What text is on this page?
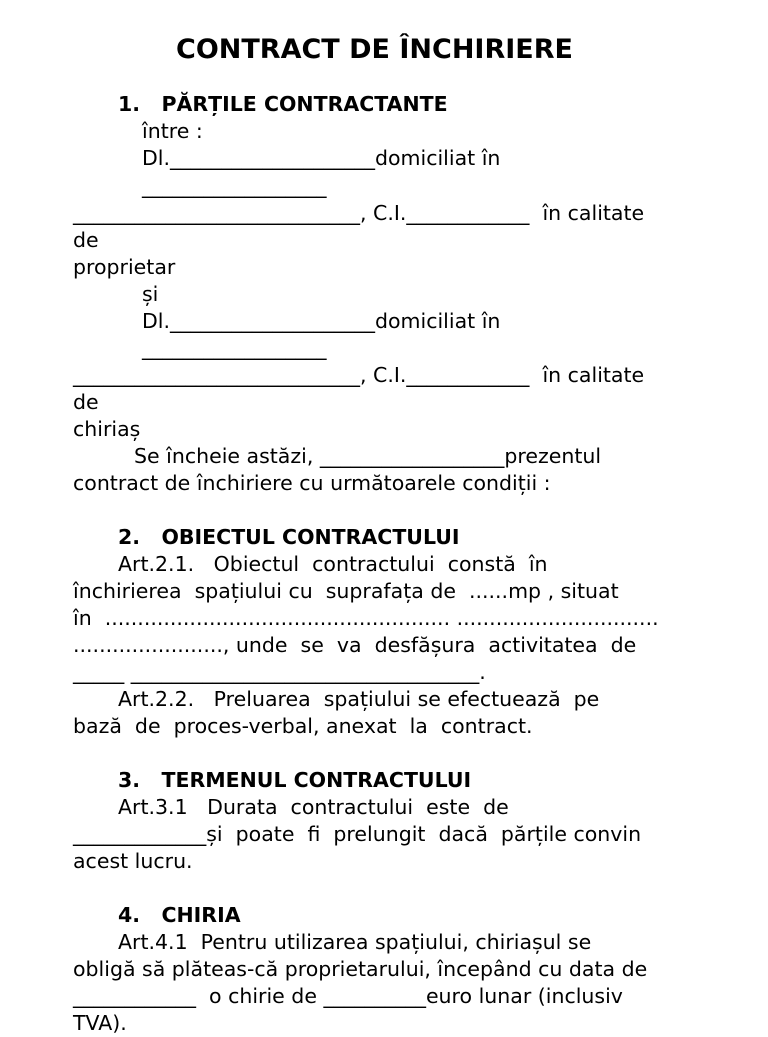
CONTRACT DE ÎNCHIRIERE
1.   PĂRȚILE CONTRACTANTE
între :
Dl.____________________domiciliat în
__________________
____________________________, C.I.____________  în calitate
de
proprietar
și
Dl.____________________domiciliat în
__________________
____________________________, C.I.____________  în calitate
de
chiriaș
Se încheie astăzi, __________________prezentul
contract de închiriere cu următoarele condiții :
2.   OBIECTUL CONTRACTULUI
Art.2.1.   Obiectul  contractului  constă  în
închirierea  spațiului cu  suprafața de  ......mp , situat
în  ..................................................... ...............................
......................., unde  se  va  desfășura  activitatea  de
_____ __________________________________.
Art.2.2.   Preluarea  spațiului se efectuează  pe
bază  de  proces-verbal, anexat  la  contract.
3.   TERMENUL CONTRACTULUI
Art.3.1   Durata  contractului  este  de
_____________și  poate  fi  prelungit  dacă  părțile convin
acest lucru.
4.   CHIRIA
Art.4.1  Pentru utilizarea spațiului, chiriașul se
obligă să plăteas-că proprietarului, începând cu data de
____________  o chirie de __________euro lunar (inclusiv
TVA).
